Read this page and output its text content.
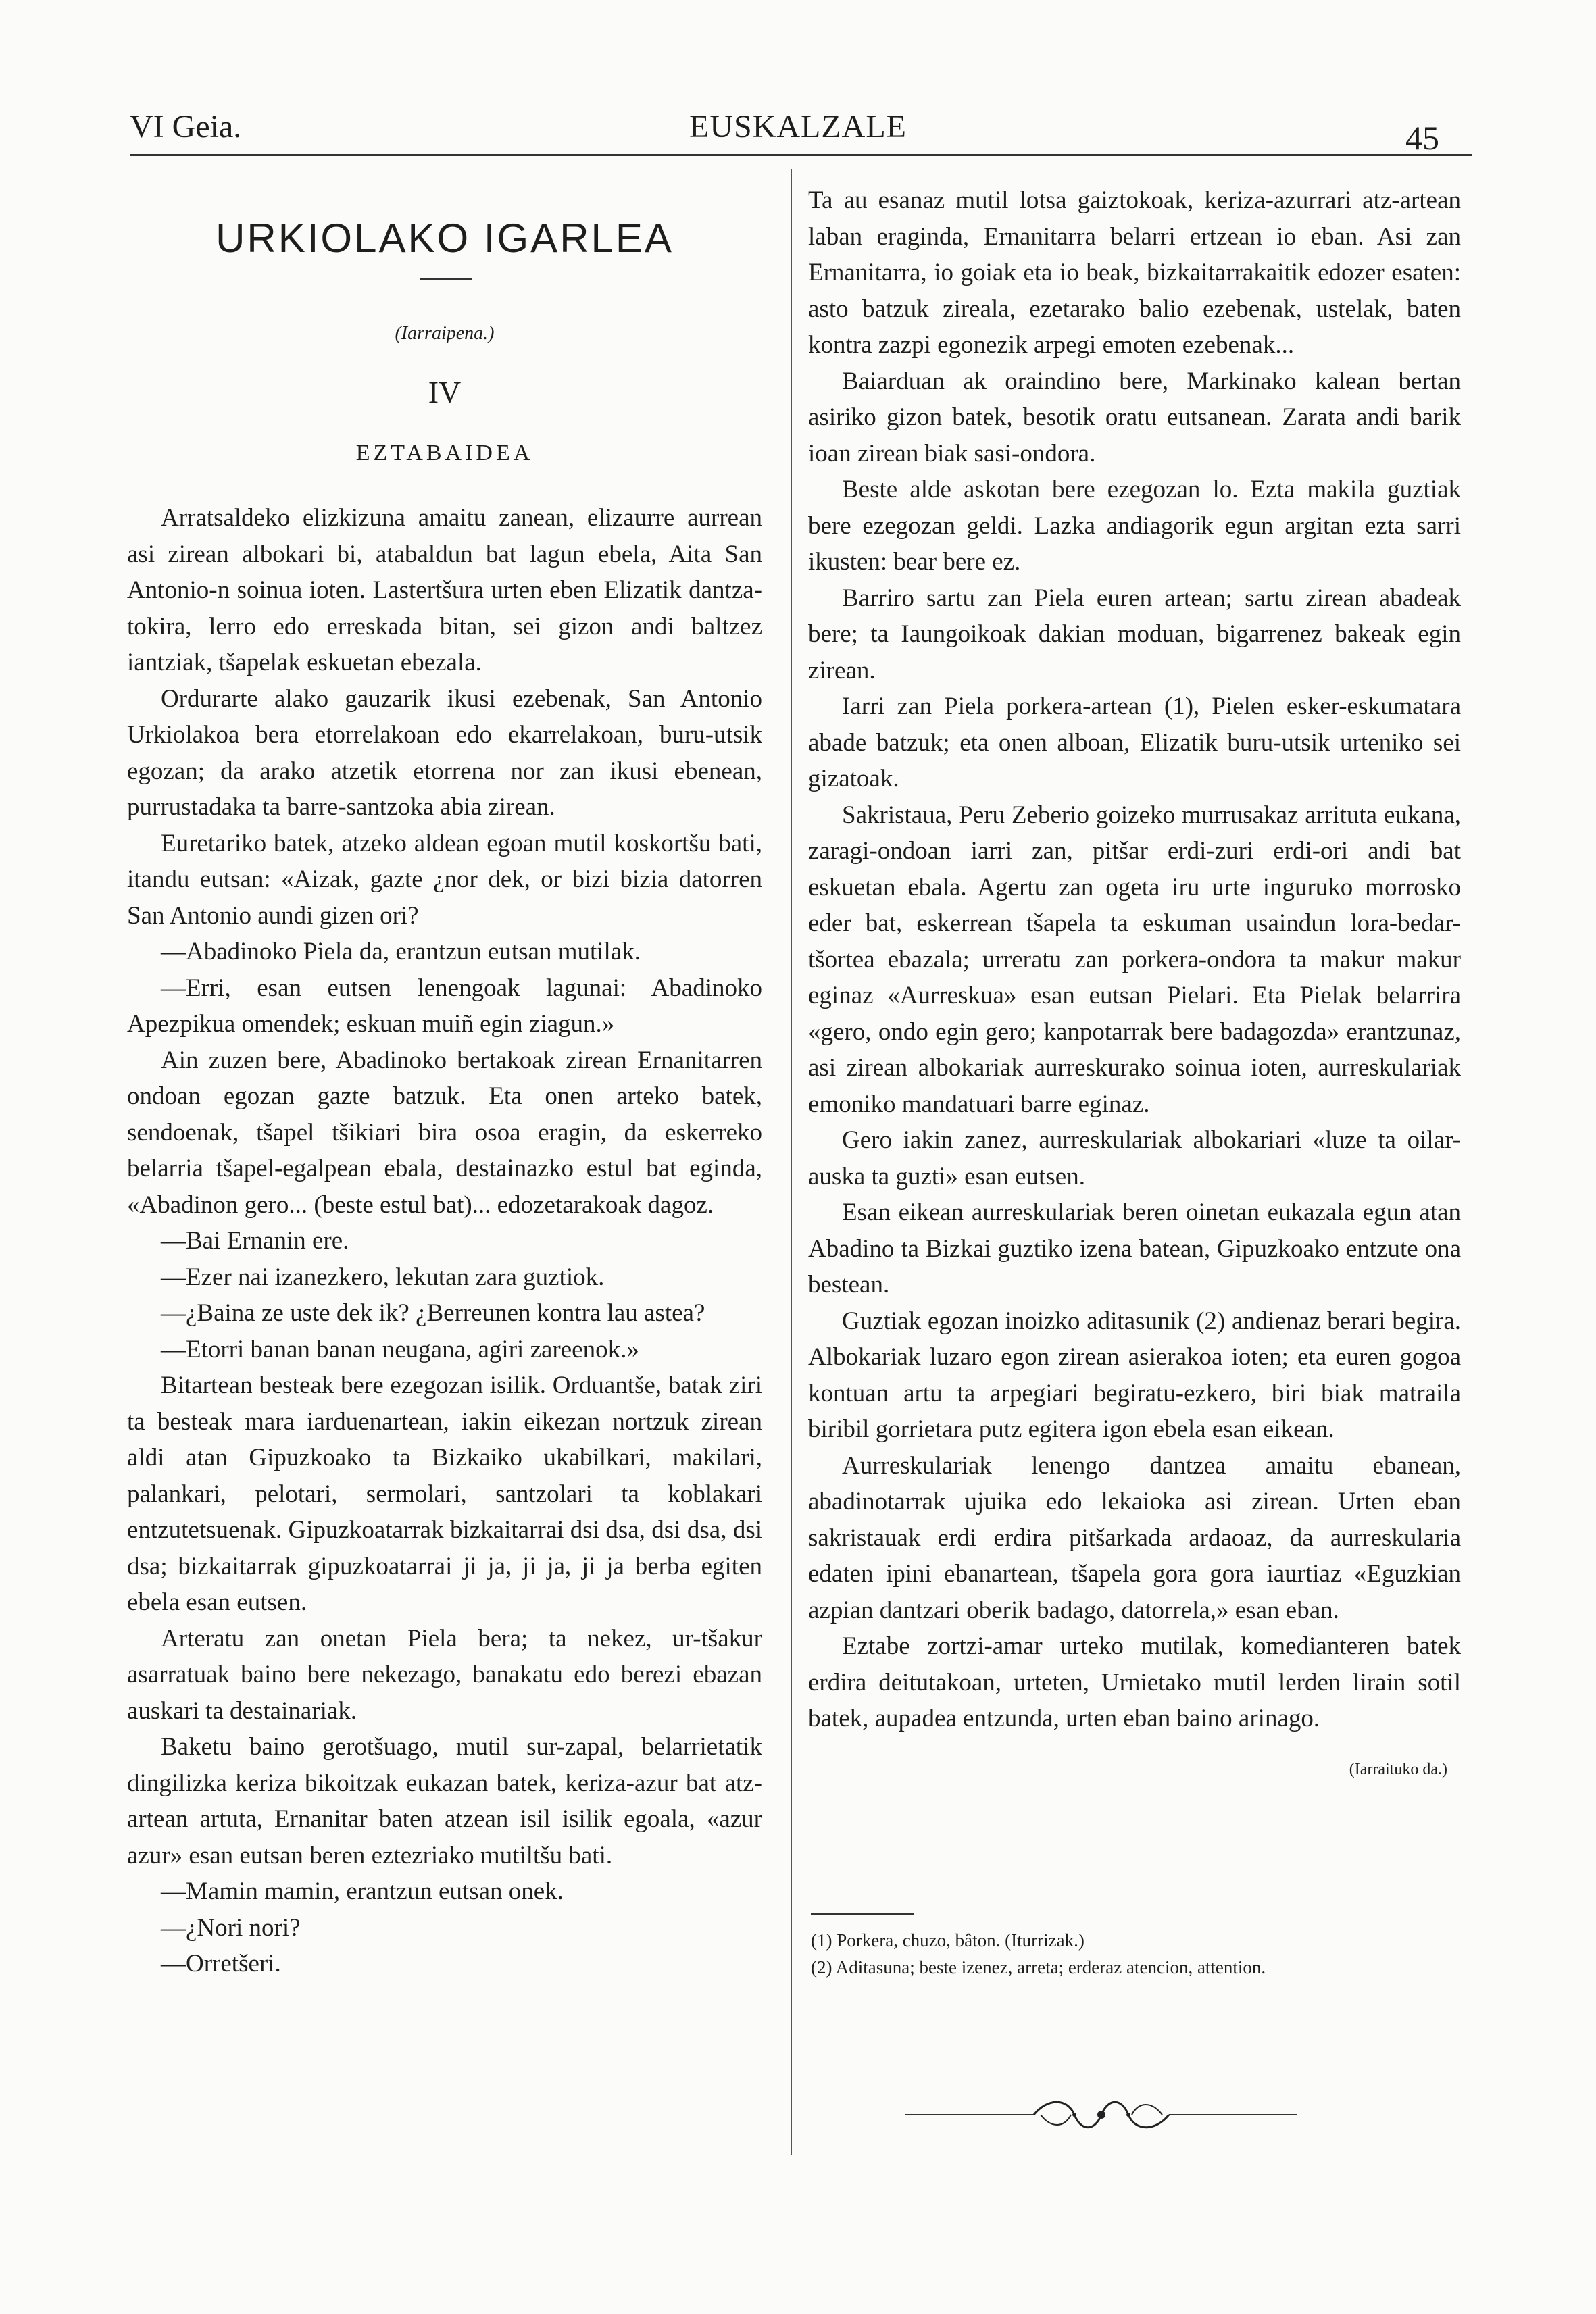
VI Geia.	EUSKALZALE	45
URKIOLAKO IGARLEA
(Iarraipena.)
IV
EZTABAIDEA

Arratsaldeko elizkizuna amaitu zanean, elizaurre aurrean asi zirean albokari bi, atabaldun bat lagun ebela, Aita San Antonio-n soinua ioten. Lastertšura urten eben Elizatik dantza-tokira, lerro edo erreskada bitan, sei gizon andi baltzez iantziak, tšapelak eskuetan ebezala.

Ordurarte alako gauzarik ikusi ezebenak, San Antonio Urkiolakoa bera etorrelakoan edo ekarrelakoan, buru-utsik egozan; da arako atzetik etorrena nor zan ikusi ebenean, purrustadaka ta barre-santzoka abia zirean.

Euretariko batek, atzeko aldean egoan mutil koskortšu bati, itandu eutsan: «Aizak, gazte ¿nor dek, or bizi bizia datorren San Antonio aundi gizen ori?

—Abadinoko Piela da, erantzun eutsan mutilak.

—Erri, esan eutsen lenengoak lagunai: Abadinoko Apezpikua omendek; eskuan muiñ egin ziagun.»

Ain zuzen bere, Abadinoko bertakoak zirean Ernanitarren ondoan egozan gazte batzuk. Eta onen arteko batek, sendoenak, tšapel tšikiari bira osoa eragin, da eskerreko belarria tšapel-egalpean ebala, destainazko estul bat eginda, «Abadinon gero... (beste estul bat)... edozetarakoak dagoz.

—Bai Ernanin ere.

—Ezer nai izanezkero, lekutan zara guztiok.

—¿Baina ze uste dek ik? ¿Berreunen kontra lau astea?

—Etorri banan banan neugana, agiri zareenok.»

Bitartean besteak bere ezegozan isilik. Orduantše, batak ziri ta besteak mara iarduenartean, iakin eikezan nortzuk zirean aldi atan Gipuzkoako ta Bizkaiko ukabilkari, makilari, palankari, pelotari, sermolari, santzolari ta koblakari entzutetsuenak. Gipuzkoatarrak bizkaitarrai dsi dsa, dsi dsa, dsi dsa; bizkaitarrak gipuzkoatarrai ji ja, ji ja, ji ja berba egiten ebela esan eutsen.

Arteratu zan onetan Piela bera; ta nekez, ur-tšakur asarratuak baino bere nekezago, banakatu edo berezi ebazan auskari ta destainariak.

Baketu baino gerotšuago, mutil sur-zapal, belarrietatik dingilizka keriza bikoitzak eukazan batek, keriza-azur bat atz-artean artuta, Ernanitar baten atzean isil isilik egoala, «azur azur» esan eutsan beren eztezriako mutiltšu bati.

—Mamin mamin, erantzun eutsan onek.

—¿Nori nori?

—Orretšeri.

Ta au esanaz mutil lotsa gaiztokoak, keriza-azurrari atz-artean laban eraginda, Ernanitarra belarri ertzean io eban. Asi zan Ernanitarra, io goiak eta io beak, bizkaitarrakaitik edozer esaten: asto batzuk zireala, ezetarako balio ezebenak, ustelak, baten kontra zazpi egonezik arpegi emoten ezebenak...

Baiarduan ak oraindino bere, Markinako kalean bertan asiriko gizon batek, besotik oratu eutsanean. Zarata andi barik ioan zirean biak sasi-ondora.

Beste alde askotan bere ezegozan lo. Ezta makila guztiak bere ezegozan geldi. Lazka andiagorik egun argitan ezta sarri ikusten: bear bere ez.

Barriro sartu zan Piela euren artean; sartu zirean abadeak bere; ta Iaungoikoak dakian moduan, bigarrenez bakeak egin zirean.

Iarri zan Piela porkera-artean (1), Pielen esker-eskumatara abade batzuk; eta onen alboan, Elizatik buru-utsik urteniko sei gizatoak.

Sakristaua, Peru Zeberio goizeko murrusakaz arrituta eukana, zaragi-ondoan iarri zan, pitšar erdi-zuri erdi-ori andi bat eskuetan ebala. Agertu zan ogeta iru urte inguruko morrosko eder bat, eskerrean tšapela ta eskuman usaindun lora-bedar-tšortea ebazala; urreratu zan porkera-ondora ta makur makur eginaz «Aurreskua» esan eutsan Pielari. Eta Pielak belarrira «gero, ondo egin gero; kanpotarrak bere badagozda» erantzunaz, asi zirean albokariak aurreskurako soinua ioten, aurreskulariak emoniko mandatuari barre eginaz.

Gero iakin zanez, aurreskulariak albokariari «luze ta oilar-auska ta guzti» esan eutsen.

Esan eikean aurreskulariak beren oinetan eukazala egun atan Abadino ta Bizkai guztiko izena batean, Gipuzkoako entzute ona bestean.

Guztiak egozan inoizko aditasunik (2) andienaz berari begira. Albokariak luzaro egon zirean asierakoa ioten; eta euren gogoa kontuan artu ta arpegiari begiratu-ezkero, biri biak matraila biribil gorrietara putz egitera igon ebela esan eikean.

Aurreskulariak lenengo dantzea amaitu ebanean, abadinotarrak ujuika edo lekaioka asi zirean. Urten eban sakristauak erdi erdira pitšarkada ardaoaz, da aurreskularia edaten ipini ebanartean, tšapela gora gora iaurtiaz «Eguzkian azpian dantzari oberik badago, datorrela,» esan eban.

Eztabe zortzi-amar urteko mutilak, komedianteren batek erdira deitutakoan, urteten, Urnietako mutil lerden lirain sotil batek, aupadea entzunda, urten eban baino arinago.

(Iarraituko da.)
(1) Porkera, chuzo, bâton. (Iturrizak.)
(2) Aditasuna; beste izenez, arreta; erderaz atencion, attention.
